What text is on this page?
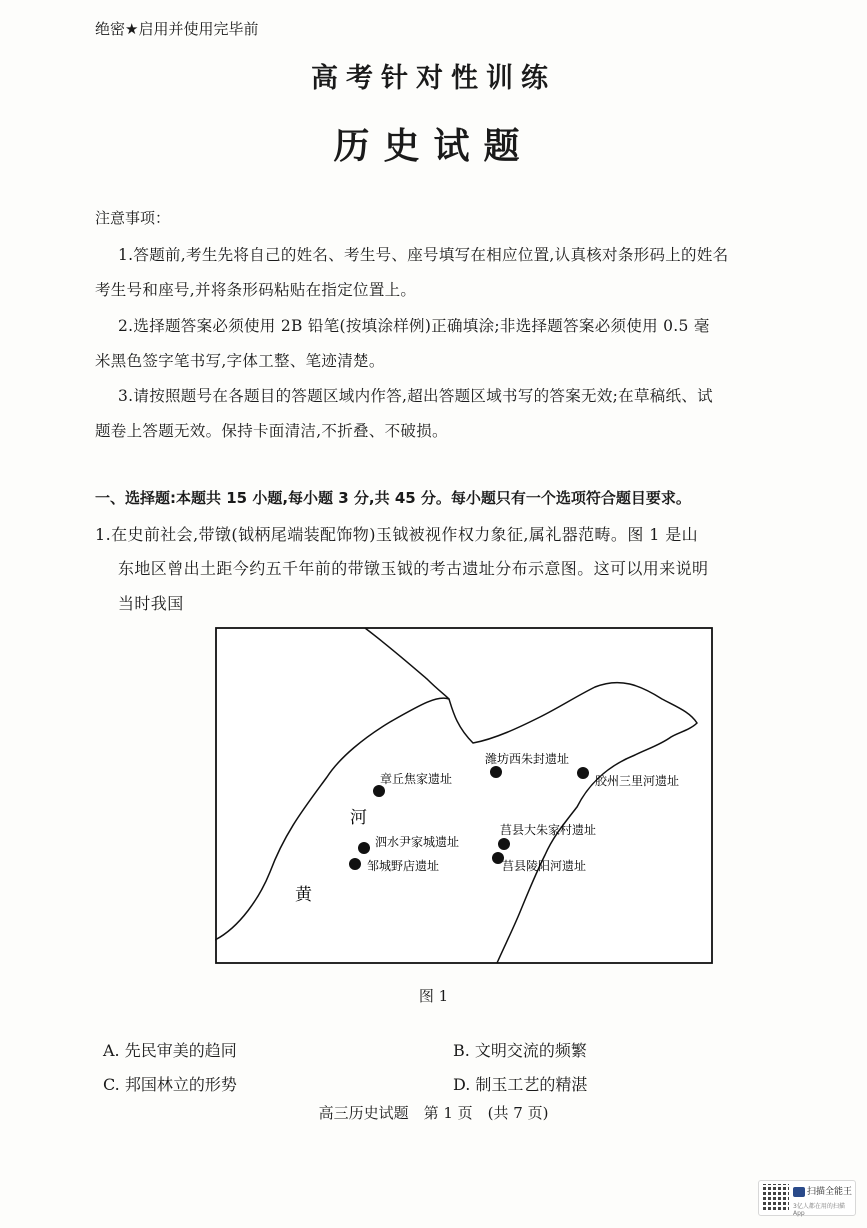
绝密★启用并使用完毕前
高考针对性训练
历史试题
注意事项：
1.答题前,考生先将自己的姓名、考生号、座号填写在相应位置,认真核对条形码上的姓名
考生号和座号,并将条形码粘贴在指定位置上。
2.选择题答案必须使用 2B 铅笔(按填涂样例)正确填涂;非选择题答案必须使用 0.5 毫
米黑色签字笔书写,字体工整、笔迹清楚。
3.请按照题号在各题目的答题区域内作答,超出答题区域书写的答案无效;在草稿纸、试
题卷上答题无效。保持卡面清洁,不折叠、不破损。
一、选择题:本题共 15 小题,每小题 3 分,共 45 分。每小题只有一个选项符合题目要求。
1.在史前社会,带镦(钺柄尾端装配饰物)玉钺被视作权力象征,属礼器范畴。图 1 是山
东地区曾出土距今约五千年前的带镦玉钺的考古遗址分布示意图。这可以用来说明
当时我国
河
黄
潍坊西朱封遗址
胶州三里河遗址
章丘焦家遗址
泗水尹家城遗址
邹城野店遗址
莒县大朱家村遗址
莒县陵阳河遗址
图 1
A. 先民审美的趋同	B. 文明交流的频繁
C. 邦国林立的形势	D. 制玉工艺的精湛
高三历史试题　第 1 页　(共 7 页)
扫描全能王
3亿人都在用的扫描App
